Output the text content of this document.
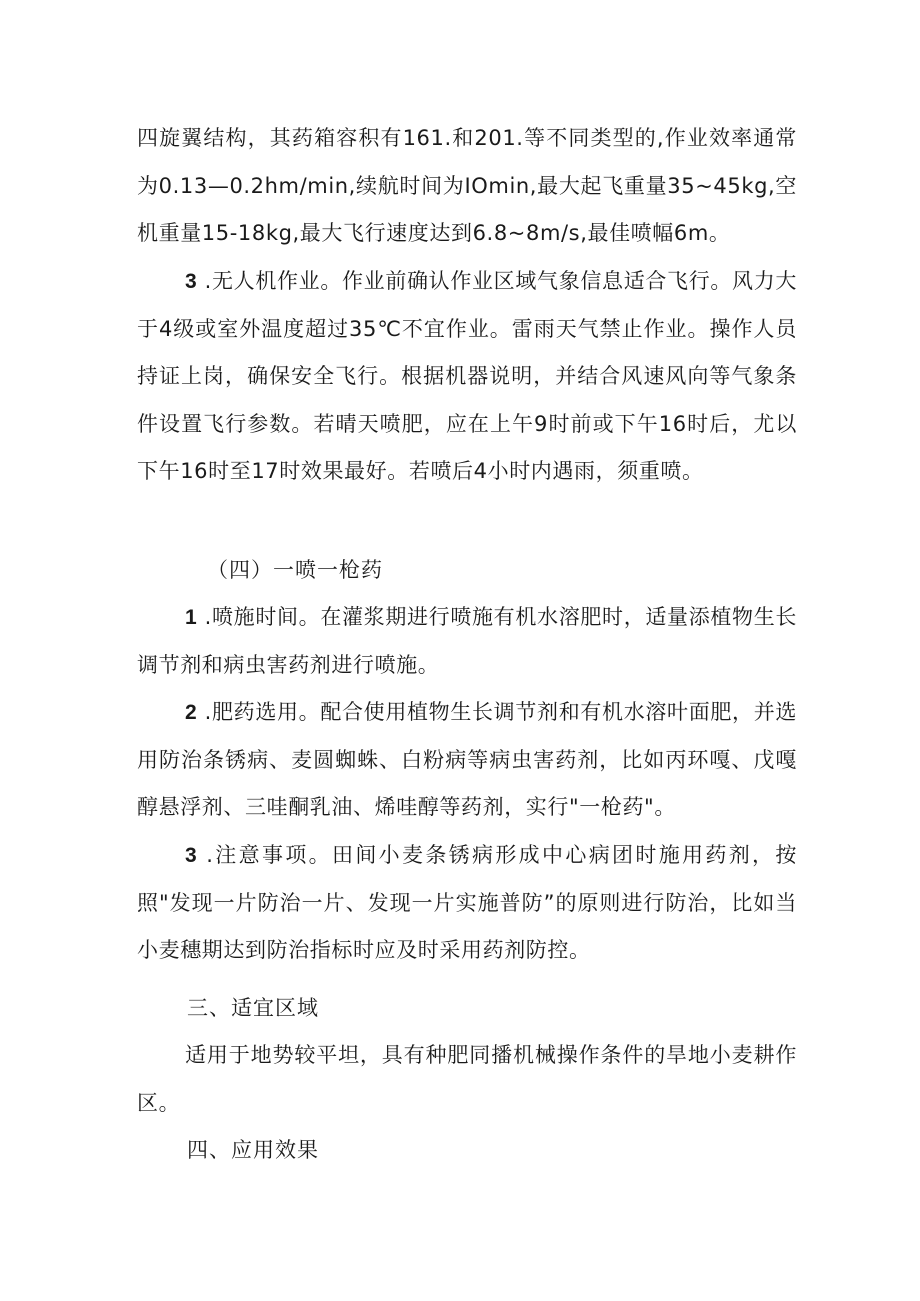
四旋翼结构，其药箱容积有161.和201.等不同类型的,作业效率通常为0.13—0.2hm/min,续航时间为IOmin,最大起飞重量35~45kg,空机重量15-18kg,最大飞行速度达到6.8~8m/s,最佳喷幅6m。

3 .无人机作业。作业前确认作业区域气象信息适合飞行。风力大于4级或室外温度超过35℃不宜作业。雷雨天气禁止作业。操作人员持证上岗，确保安全飞行。根据机器说明，并结合风速风向等气象条件设置飞行参数。若晴天喷肥，应在上午9时前或下午16时后，尤以下午16时至17时效果最好。若喷后4小时内遇雨，须重喷。

（四）一喷一枪药

1 .喷施时间。在灌浆期进行喷施有机水溶肥时，适量添植物生长调节剂和病虫害药剂进行喷施。

2 .肥药选用。配合使用植物生长调节剂和有机水溶叶面肥，并选用防治条锈病、麦圆蜘蛛、白粉病等病虫害药剂，比如丙环嘎、戊嘎醇悬浮剂、三哇酮乳油、烯哇醇等药剂，实行"一枪药"。

3 .注意事项。田间小麦条锈病形成中心病团时施用药剂，按照"发现一片防治一片、发现一片实施普防”的原则进行防治，比如当小麦穗期达到防治指标时应及时采用药剂防控。

三、适宜区域

适用于地势较平坦，具有种肥同播机械操作条件的旱地小麦耕作区。

四、应用效果
